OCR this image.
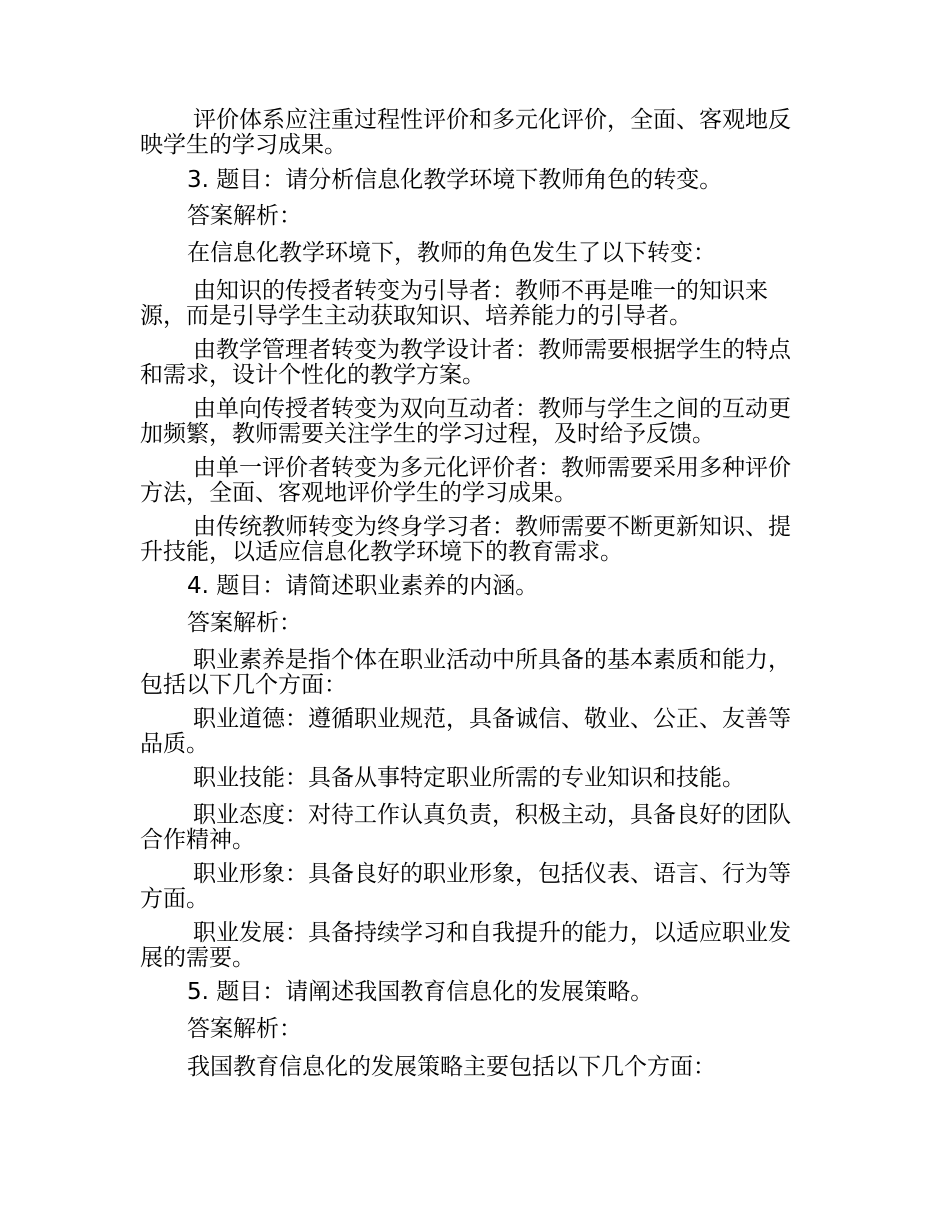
评价体系应注重过程性评价和多元化评价，全面、客观地反映学生的学习成果。
3. 题目：请分析信息化教学环境下教师角色的转变。
答案解析：
在信息化教学环境下，教师的角色发生了以下转变：
由知识的传授者转变为引导者：教师不再是唯一的知识来源，而是引导学生主动获取知识、培养能力的引导者。
由教学管理者转变为教学设计者：教师需要根据学生的特点和需求，设计个性化的教学方案。
由单向传授者转变为双向互动者：教师与学生之间的互动更加频繁，教师需要关注学生的学习过程，及时给予反馈。
由单一评价者转变为多元化评价者：教师需要采用多种评价方法，全面、客观地评价学生的学习成果。
由传统教师转变为终身学习者：教师需要不断更新知识、提升技能，以适应信息化教学环境下的教育需求。
4. 题目：请简述职业素养的内涵。
答案解析：
职业素养是指个体在职业活动中所具备的基本素质和能力，包括以下几个方面：
职业道德：遵循职业规范，具备诚信、敬业、公正、友善等品质。
职业技能：具备从事特定职业所需的专业知识和技能。
职业态度：对待工作认真负责，积极主动，具备良好的团队合作精神。
职业形象：具备良好的职业形象，包括仪表、语言、行为等方面。
职业发展：具备持续学习和自我提升的能力，以适应职业发展的需要。
5. 题目：请阐述我国教育信息化的发展策略。
答案解析：
我国教育信息化的发展策略主要包括以下几个方面：
